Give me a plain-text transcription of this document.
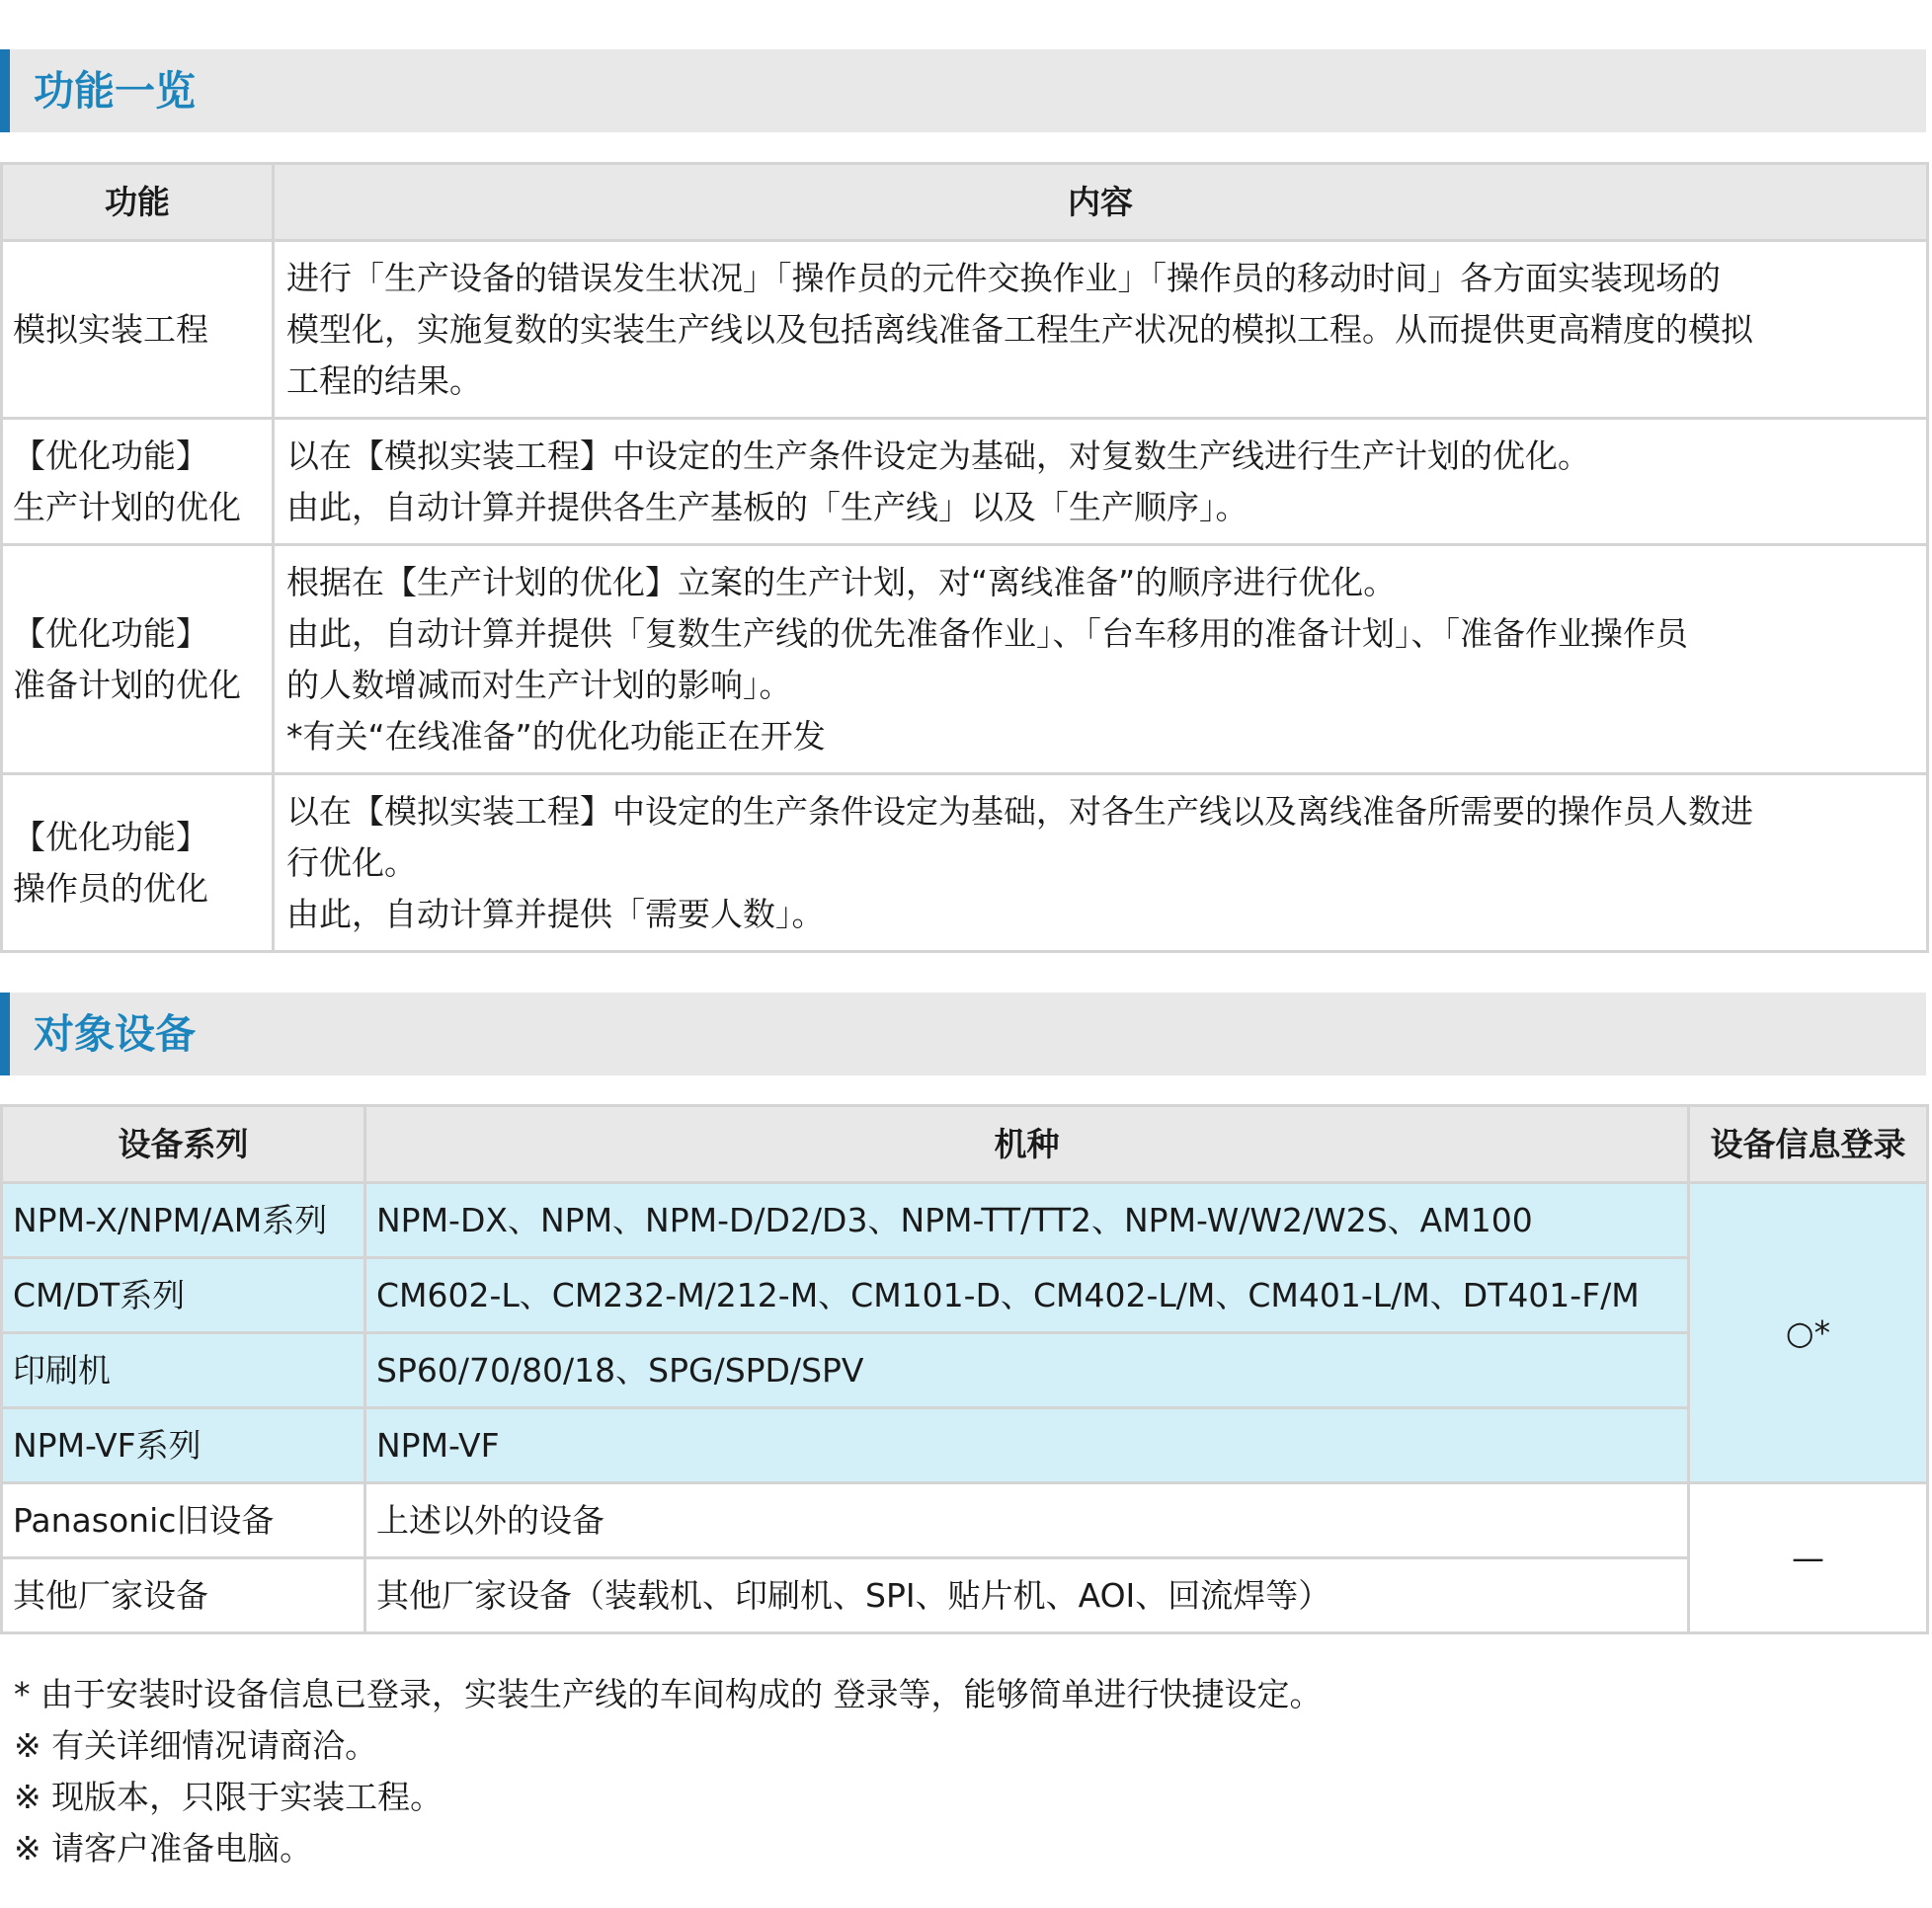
功能一览
功能	内容

模拟实装工程	进行「生产设备的错误发生状况」「操作员的元件交换作业」「操作员的移动时间」各方面实装现场的
模型化，实施复数的实装生产线以及包括离线准备工程生产状况的模拟工程。从而提供更高精度的模拟
工程的结果。

【优化功能】
生产计划的优化	以在【模拟实装工程】中设定的生产条件设定为基础，对复数生产线进行生产计划的优化。
由此，自动计算并提供各生产基板的「生产线」以及「生产顺序」。

【优化功能】
准备计划的优化	根据在【生产计划的优化】立案的生产计划，对“离线准备”的顺序进行优化。
由此，自动计算并提供「复数生产线的优先准备作业」、「台车移用的准备计划」、「准备作业操作员
的人数增减而对生产计划的影响」。
*有关“在线准备”的优化功能正在开发

【优化功能】
操作员的优化	以在【模拟实装工程】中设定的生产条件设定为基础，对各生产线以及离线准备所需要的操作员人数进
行优化。
由此，自动计算并提供「需要人数」。
对象设备
设备系列	机种	设备信息登录
NPM-X/NPM/AM系列	NPM-DX、NPM、NPM-D/D2/D3、NPM-TT/TT2、NPM-W/W2/W2S、AM100	○*
CM/DT系列	CM602-L、CM232-M/212-M、CM101-D、CM402-L/M、CM401-L/M、DT401-F/M	
印刷机	SP60/70/80/18、SPG/SPD/SPV	
NPM-VF系列	NPM-VF	
Panasonic旧设备	上述以外的设备	—
其他厂家设备	其他厂家设备（装载机、印刷机、SPI、贴片机、AOI、回流焊等）	
* 由于安装时设备信息已登录，实装生产线的车间构成的 登录等，能够简单进行快捷设定。
※ 有关详细情况请商洽。
※ 现版本，只限于实装工程。
※ 请客户准备电脑。
